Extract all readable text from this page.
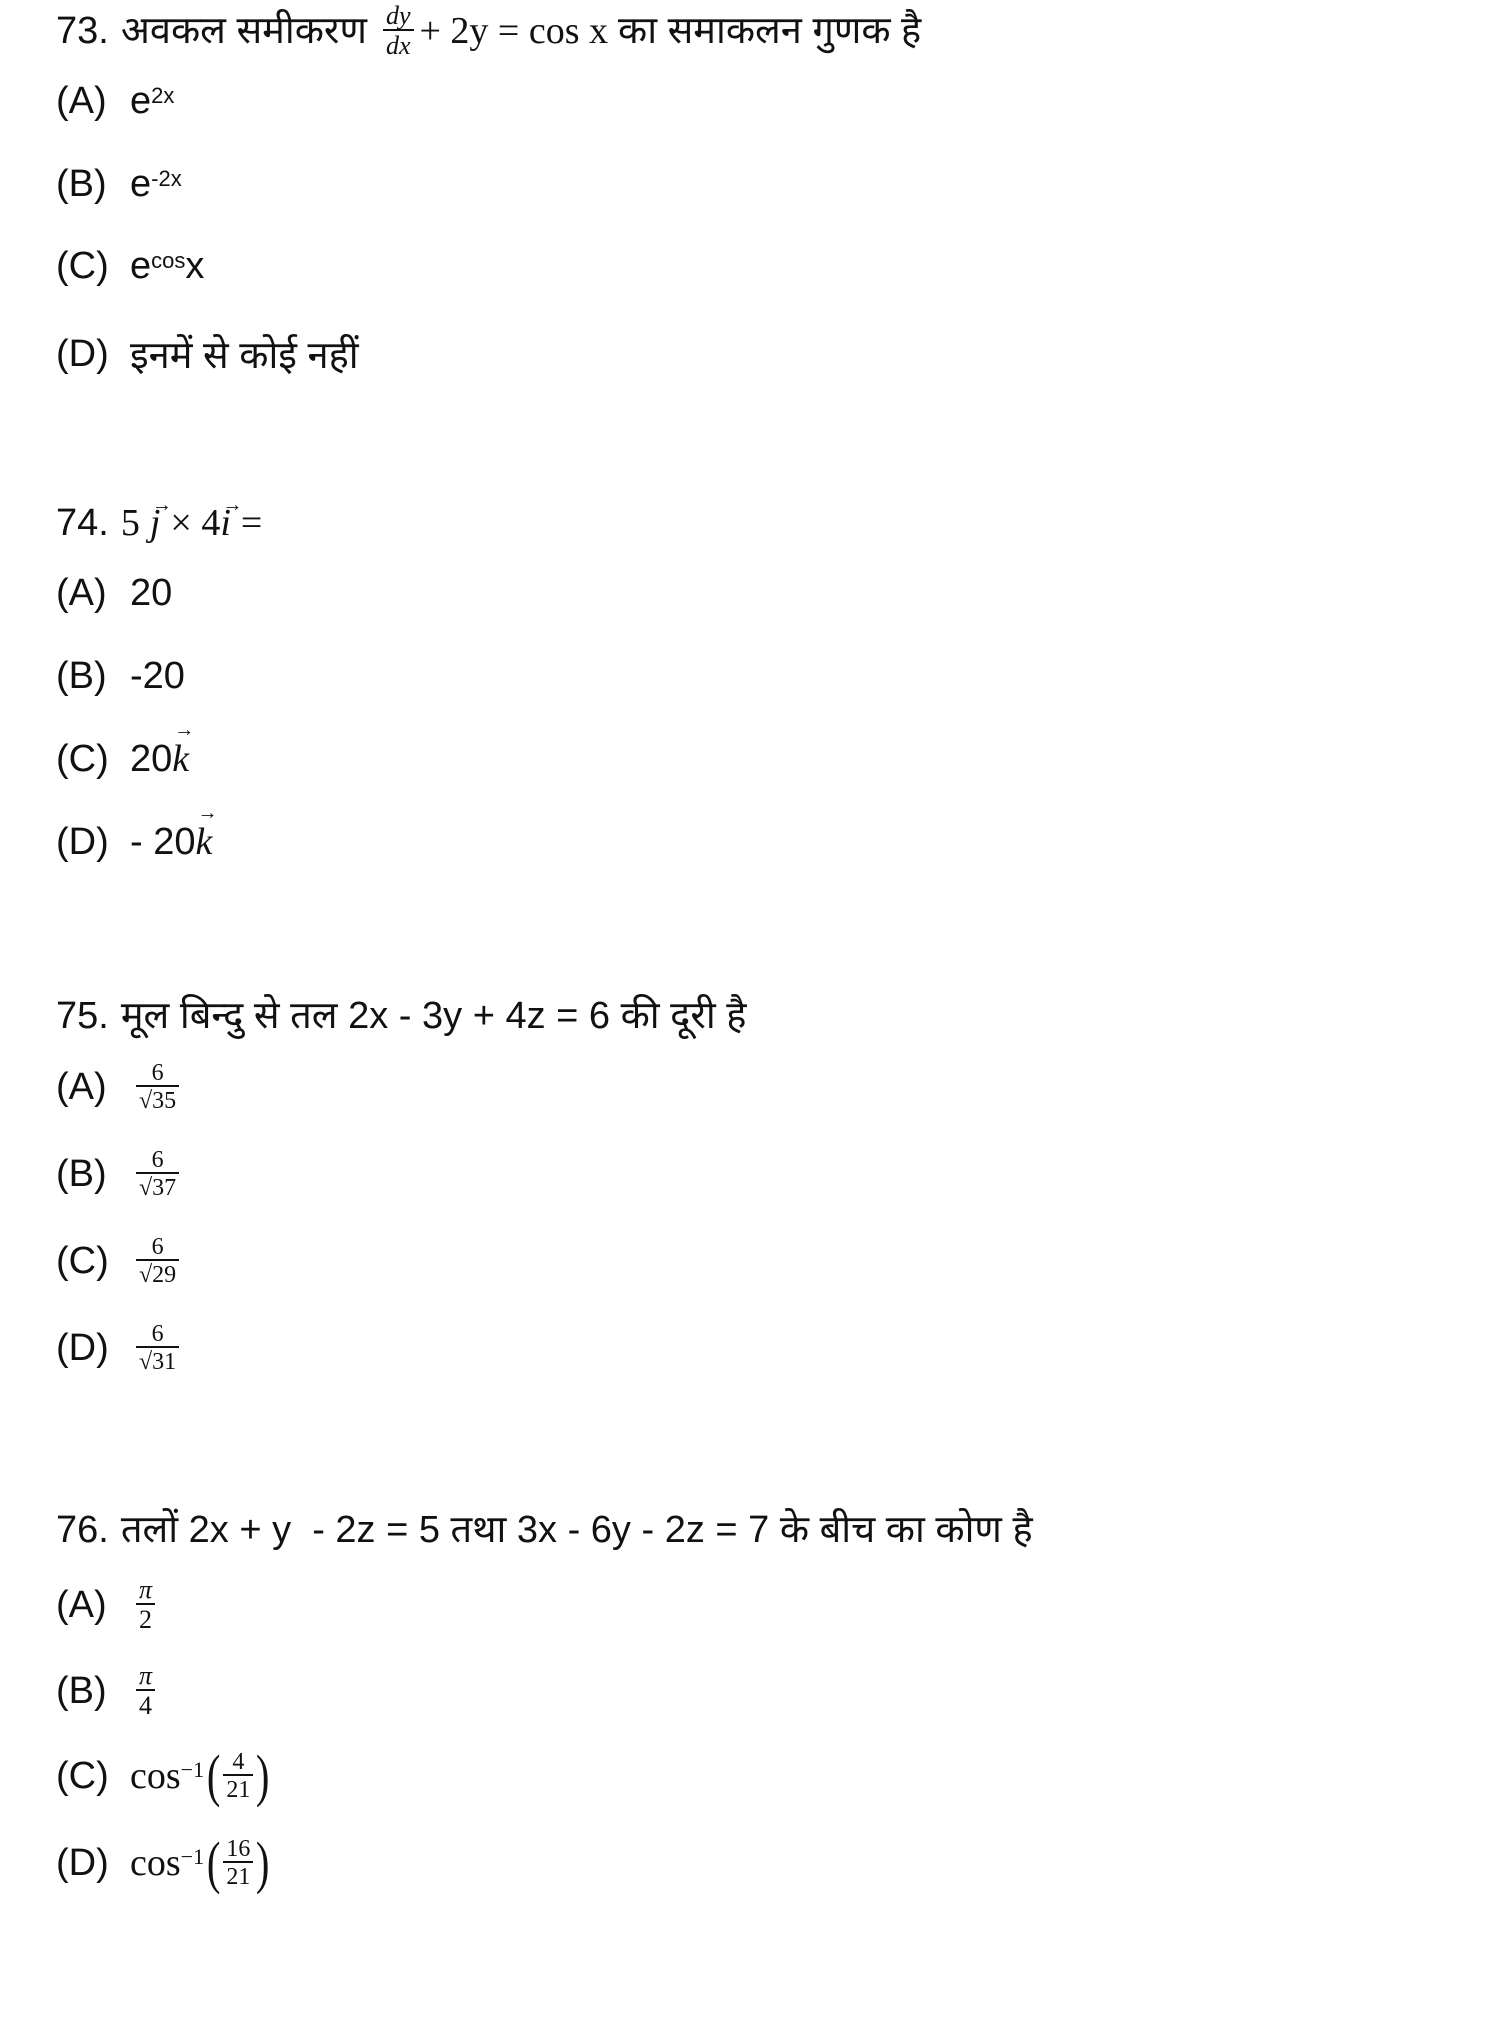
73. अवकल समीकरण $\frac{dy}{dx} + 2y = \cos x$ का समाकलन गुणक है
(A) $e^{2x}$
(B) $e^{-2x}$
(C) $e^{cos}$ x
(D) इनमें से कोई नहीं
74. 5 → j × 4 → i =
(A) 20
(B) -20
(C) 20 → k
(D) - 20 → k
75. मूल बिन्दु से तल 2x - 3y + 4z = 6 की दूरी है
(A)	$\frac{6}{√35}$
(B)	$\frac{6}{√37}$
(C)	$\frac{6}{√29}$
(D)	$\frac{6}{√31}$
76. तलों 2x + y  - 2z = 5 तथा 3x - 6y - 2z = 7 के बीच का कोण है
(A)	$\frac{\pi}{2}$
(B)	$\frac{\pi}{4}$
(C) $\cos^{-1}$ ( $\frac{4}{21}$ )
(D) $\cos^{-1}$ ( $\frac{16}{21}$ )
